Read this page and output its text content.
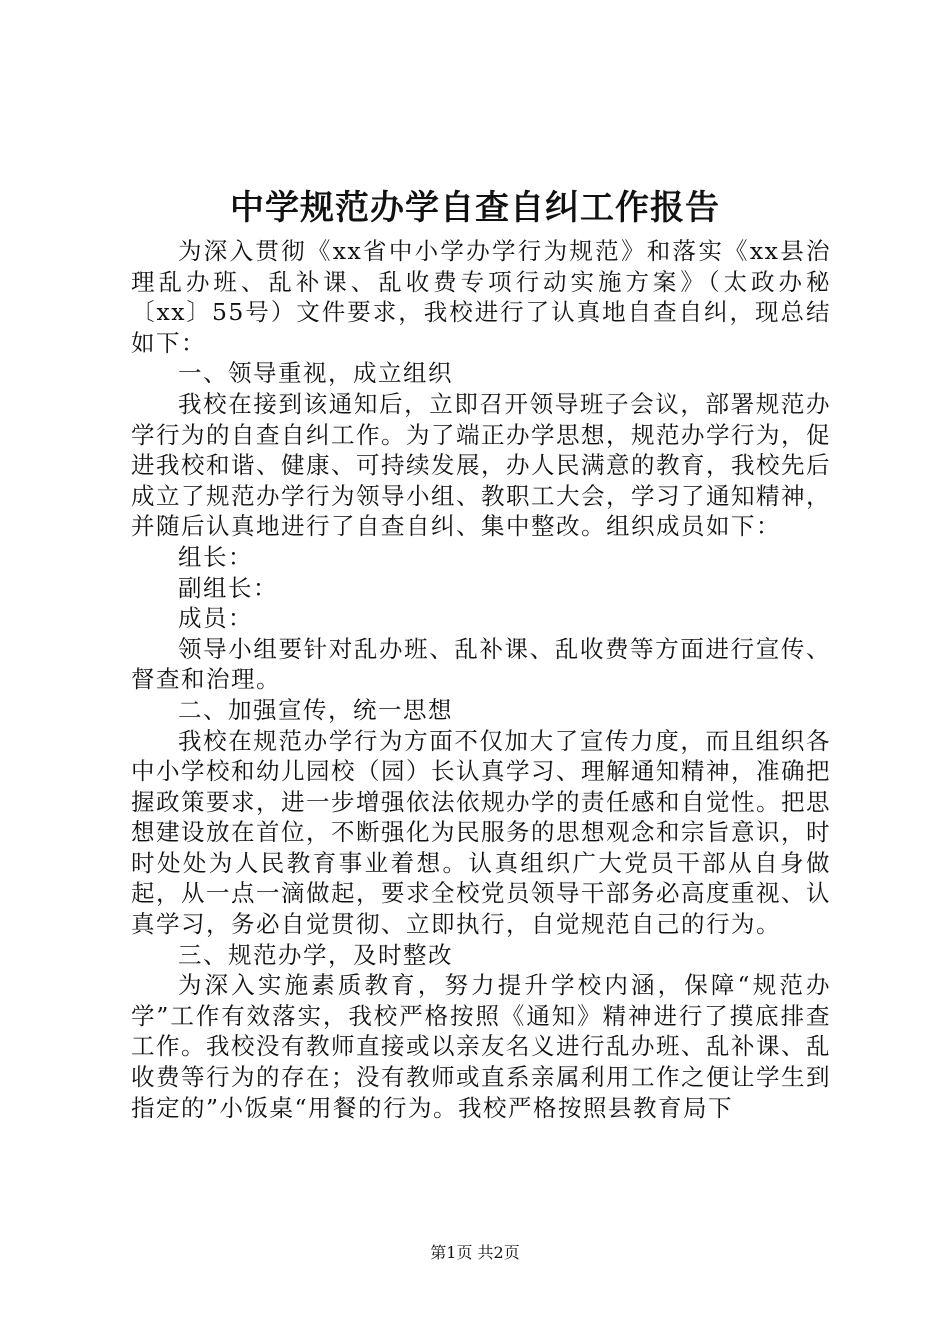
中学规范办学自查自纠工作报告

为深入贯彻《xx省中小学办学行为规范》和落实《xx县治理乱办班、乱补课、乱收费专项行动实施方案》（太政办秘〔xx〕55号）文件要求，我校进行了认真地自查自纠，现总结如下：

一、领导重视，成立组织

我校在接到该通知后，立即召开领导班子会议，部署规范办学行为的自查自纠工作。为了端正办学思想，规范办学行为，促进我校和谐、健康、可持续发展，办人民满意的教育，我校先后成立了规范办学行为领导小组、教职工大会，学习了通知精神，并随后认真地进行了自查自纠、集中整改。组织成员如下：

组长：

副组长：

成员：

领导小组要针对乱办班、乱补课、乱收费等方面进行宣传、督查和治理。

二、加强宣传，统一思想

我校在规范办学行为方面不仅加大了宣传力度，而且组织各中小学校和幼儿园校（园）长认真学习、理解通知精神，准确把握政策要求，进一步增强依法依规办学的责任感和自觉性。把思想建设放在首位，不断强化为民服务的思想观念和宗旨意识，时时处处为人民教育事业着想。认真组织广大党员干部从自身做起，从一点一滴做起，要求全校党员领导干部务必高度重视、认真学习，务必自觉贯彻、立即执行，自觉规范自己的行为。

三、规范办学，及时整改

为深入实施素质教育，努力提升学校内涵，保障“规范办学”工作有效落实，我校严格按照《通知》精神进行了摸底排查工作。我校没有教师直接或以亲友名义进行乱办班、乱补课、乱收费等行为的存在；没有教师或直系亲属利用工作之便让学生到指定的”小饭桌“用餐的行为。我校严格按照县教育局下

第1页 共2页
